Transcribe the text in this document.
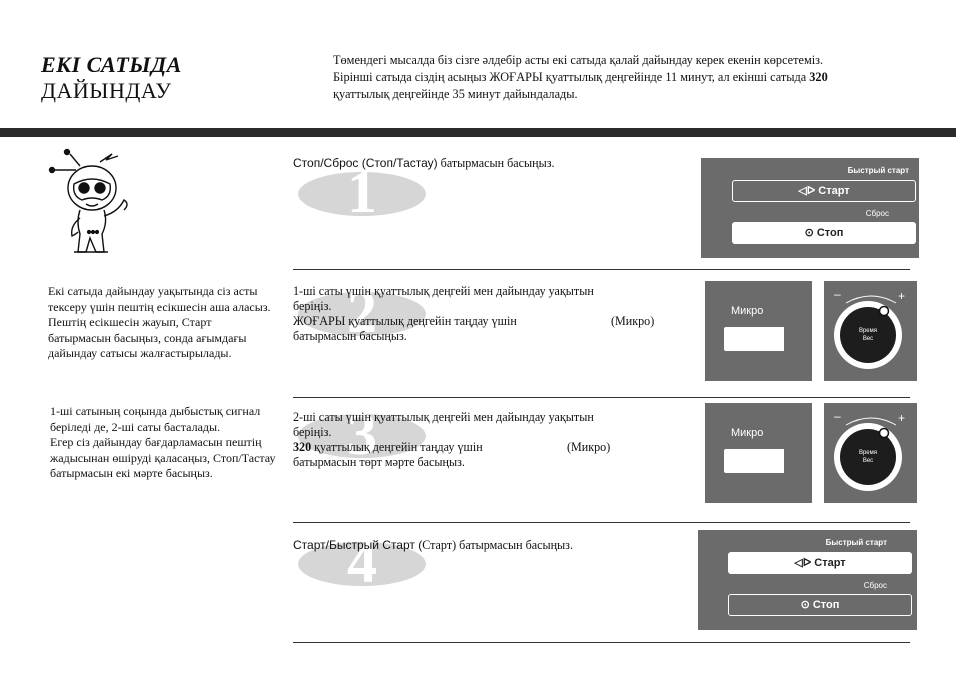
ЕКІ САТЫДА
ДАЙЫНДАУ
Төмендегі мысалда біз сізге әлдебір асты екі сатыда қалай дайындау керек екенін көрсетеміз.
Бірінші сатыда сіздің асыңыз ЖОҒАРЫ қуаттылық деңгейінде 11 минут, ал екінші сатыда 320
қуаттылық деңгейінде 35 минут дайындалады.
Екі сатыда дайындау уақытында сіз асты тексеру үшін пештің есікшесін аша аласыз. Пештің есікшесін жауып, Старт батырмасын басыңыз, сонда ағымдағы дайындау сатысы жалғастырылады.
1-ші сатының соңында дыбыстық сигнал беріледі де, 2-ші саты басталады.
Егер сіз дайындау бағдарламасын пештің жадысынан өшіруді қаласаңыз, Стоп/Тастау батырмасын екі мәрте басыңыз.
1
Стоп/Сброс (Стоп/Тастау) батырмасын басыңыз.
Быстрый старт
◁ᐅ Старт
Сброс
⊙ Стоп
2
1-ші саты үшін қуаттылық деңгейі мен дайындау уақытын
беріңіз.
ЖОҒАРЫ қуаттылық деңгейін таңдау үшін	(Микро)
батырмасын басыңыз.
Микро
–	+
Время
Вес
3
2-ші саты үшін қуаттылық деңгейі мен дайындау уақытын
беріңіз.
320 қуаттылық деңгейін таңдау үшін	(Микро)
батырмасын төрт мәрте басыңыз.
Микро
–	+
Время
Вес
4
Старт/Быстрый Старт (Старт) батырмасын басыңыз.	Быстрый старт
◁ᐅ Старт
Сброс
⊙ Стоп
